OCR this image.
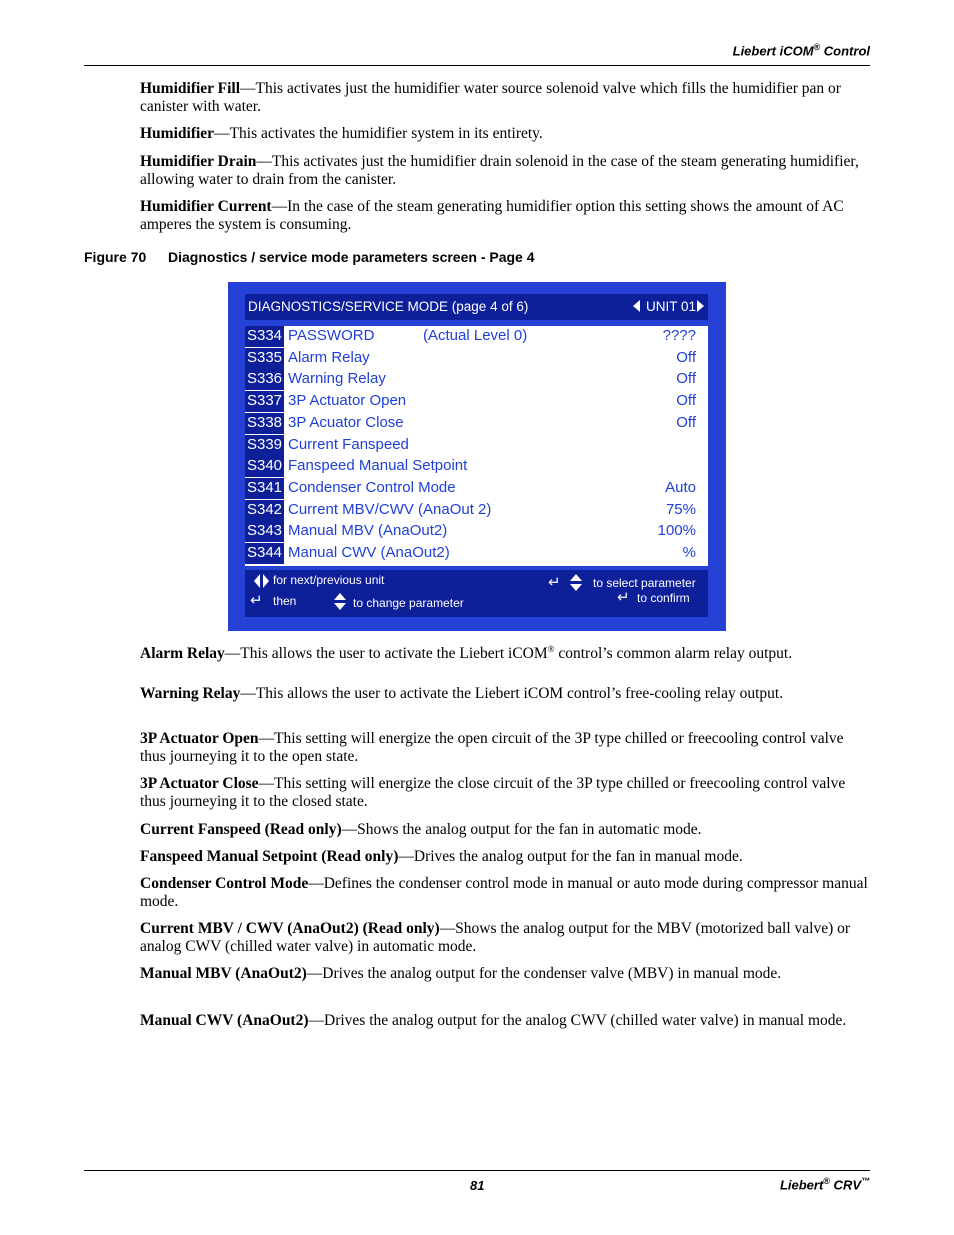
Liebert iCOM® Control

Humidifier Fill—This activates just the humidifier water source solenoid valve which fills the humidifier pan or canister with water.

Humidifier—This activates the humidifier system in its entirety.

Humidifier Drain—This activates just the humidifier drain solenoid in the case of the steam generating humidifier, allowing water to drain from the canister.

Humidifier Current—In the case of the steam generating humidifier option this setting shows the amount of AC amperes the system is consuming.

Figure 70 Diagnostics / service mode parameters screen - Page 4
DIAGNOSTICS/SERVICE MODE (page 4 of 6)	UNIT 01
S334 PASSWORD	(Actual Level 0)	????
S335 Alarm Relay	Off
S336 Warning Relay	Off
S337 3P Actuator Open	Off
S338 3P Acuator Close	Off
S339 Current Fanspeed
S340 Fanspeed Manual Setpoint
S341 Condenser Control Mode	Auto
S342 Current MBV/CWV (AnaOut 2)	75%
S343 Manual MBV (AnaOut2)	100%
S344 Manual CWV (AnaOut2)	%
for next/previous unit
↵ then	to change parameter
↵	to select parameter
↵ to confirm

Alarm Relay—This allows the user to activate the Liebert iCOM® control’s common alarm relay output.

Warning Relay—This allows the user to activate the Liebert iCOM control’s free-cooling relay output.

3P Actuator Open—This setting will energize the open circuit of the 3P type chilled or freecooling control valve thus journeying it to the open state.

3P Actuator Close—This setting will energize the close circuit of the 3P type chilled or freecooling control valve thus journeying it to the closed state.

Current Fanspeed (Read only)—Shows the analog output for the fan in automatic mode.

Fanspeed Manual Setpoint (Read only)—Drives the analog output for the fan in manual mode.

Condenser Control Mode—Defines the condenser control mode in manual or auto mode during compressor manual mode.

Current MBV / CWV (AnaOut2) (Read only)—Shows the analog output for the MBV (motorized ball valve) or analog CWV (chilled water valve) in automatic mode.

Manual MBV (AnaOut2)—Drives the analog output for the condenser valve (MBV) in manual mode.

Manual CWV (AnaOut2)—Drives the analog output for the analog CWV (chilled water valve) in manual mode.

81	Liebert® CRV™
